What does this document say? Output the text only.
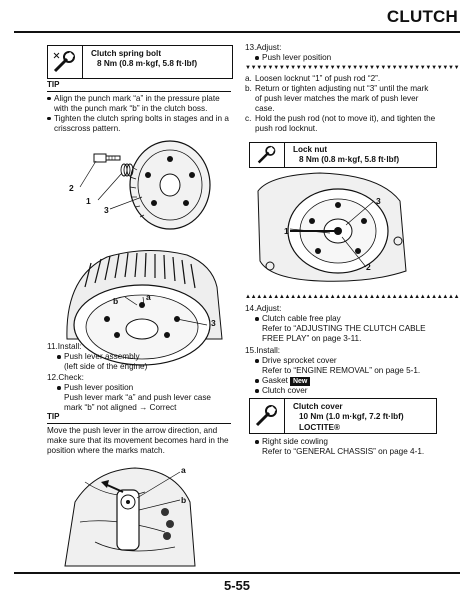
CLUTCH
Clutch spring bolt
8 Nm (0.8 m·kgf, 5.8 ft·lbf)
TIP
Align the punch mark “a” in the pressure plate with the punch mark “b” in the clutch boss.
Tighten the clutch spring bolts in stages and in a crisscross pattern.
2
1
3
b	a
3
11.Install:
Push lever assembly
(left side of the engine)
12.Check:
Push lever position
Push lever mark “a” and push lever case mark “b” not aligned → Correct
TIP
Move the push lever in the arrow direction, and make sure that its movement becomes hard in the position where the marks match.
a
b
13.Adjust:
Push lever position
▼▼▼▼▼▼▼▼▼▼▼▼▼▼▼▼▼▼▼▼▼▼▼▼▼▼▼▼▼▼▼▼▼▼▼▼▼▼
a. Loosen locknut “1” of push rod “2”.
b. Return or tighten adjusting nut “3” until the mark of push lever matches the mark of push lever case.
c. Hold the push rod (not to move it), and tighten the push rod locknut.
Lock nut
8 Nm (0.8 m·kgf, 5.8 ft·lbf)
3
1
2
▲▲▲▲▲▲▲▲▲▲▲▲▲▲▲▲▲▲▲▲▲▲▲▲▲▲▲▲▲▲▲▲▲▲▲▲▲▲
14.Adjust:
Clutch cable free play
Refer to “ADJUSTING THE CLUTCH CABLE FREE PLAY” on page 3-11.
15.Install:
Drive sprocket cover
Refer to “ENGINE REMOVAL” on page 5-1.
Gasket New
Clutch cover
Clutch cover
10 Nm (1.0 m·kgf, 7.2 ft·lbf)
LOCTITE®
Right side cowling
Refer to “GENERAL CHASSIS” on page 4-1.
5-55
